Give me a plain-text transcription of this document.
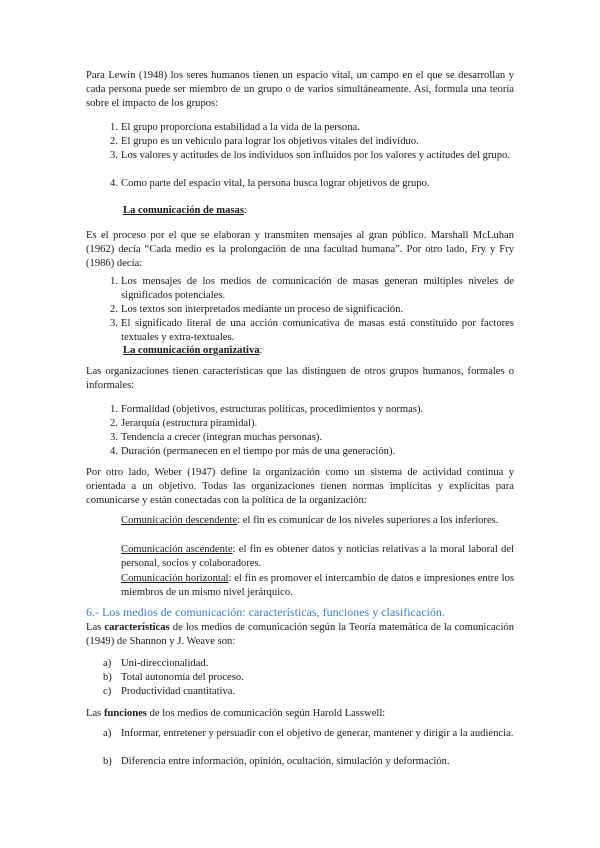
Para Lewin (1948) los seres humanos tienen un espacio vital, un campo en el que se desarrollan y cada persona puede ser miembro de un grupo o de varios simultáneamente. Así, formula una teoría sobre el impacto de los grupos:

1. El grupo proporciona estabilidad a la vida de la persona.
2. El grupo es un vehículo para lograr los objetivos vitales del individuo.
3. Los valores y actitudes de los individuos son influidos por los valores y actitudes del grupo.
4. Como parte del espacio vital, la persona busca lograr objetivos de grupo.

La comunicación de masas:

Es el proceso por el que se elaboran y transmiten mensajes al gran público. Marshall McLuhan (1962) decía “Cada medio es la prolongación de una facultad humana”. Por otro lado, Fry y Fry (1986) decía:

1. Los mensajes de los medios de comunicación de masas generan múltiples niveles de significados potenciales.
2. Los textos son interpretados mediante un proceso de significación.
3. El significado literal de una acción comunicativa de masas está constituido por factores textuales y extra-textuales.

La comunicación organizativa:

Las organizaciones tienen características que las distinguen de otros grupos humanos, formales o informales:

1. Formalidad (objetivos, estructuras políticas, procedimientos y normas).
2. Jerarquía (estructura piramidal).
3. Tendencia a crecer (integran muchas personas).
4. Duración (permanecen en el tiempo por más de una generación).

Por otro lado, Weber (1947) define la organización como un sistema de actividad continua y orientada a un objetivo. Todas las organizaciones tienen normas implícitas y explícitas para comunicarse y están conectadas con la política de la organización:

Comunicación descendente: el fin es comunicar de los niveles superiores a los inferiores.

Comunicación ascendente: el fin es obtener datos y noticias relativas a la moral laboral del personal, socios y colaboradores.

Comunicación horizontal: el fin es promover el intercambio de datos e impresiones entre los miembros de un mismo nivel jerárquico.

6.- Los medios de comunicación: características, funciones y clasificación.

Las características de los medios de comunicación según la Teoría matemática de la comunicación (1949) de Shannon y J. Weave son:

a) Uni-direccionalidad.
b) Total autonomía del proceso.
c) Productividad cuantitativa.

Las funciones de los medios de comunicación según Harold Lasswell:

a) Informar, entretener y persuadir con el objetivo de generar, mantener y dirigir a la audiencia.
b) Diferencia entre información, opinión, ocultación, simulación y deformación.
